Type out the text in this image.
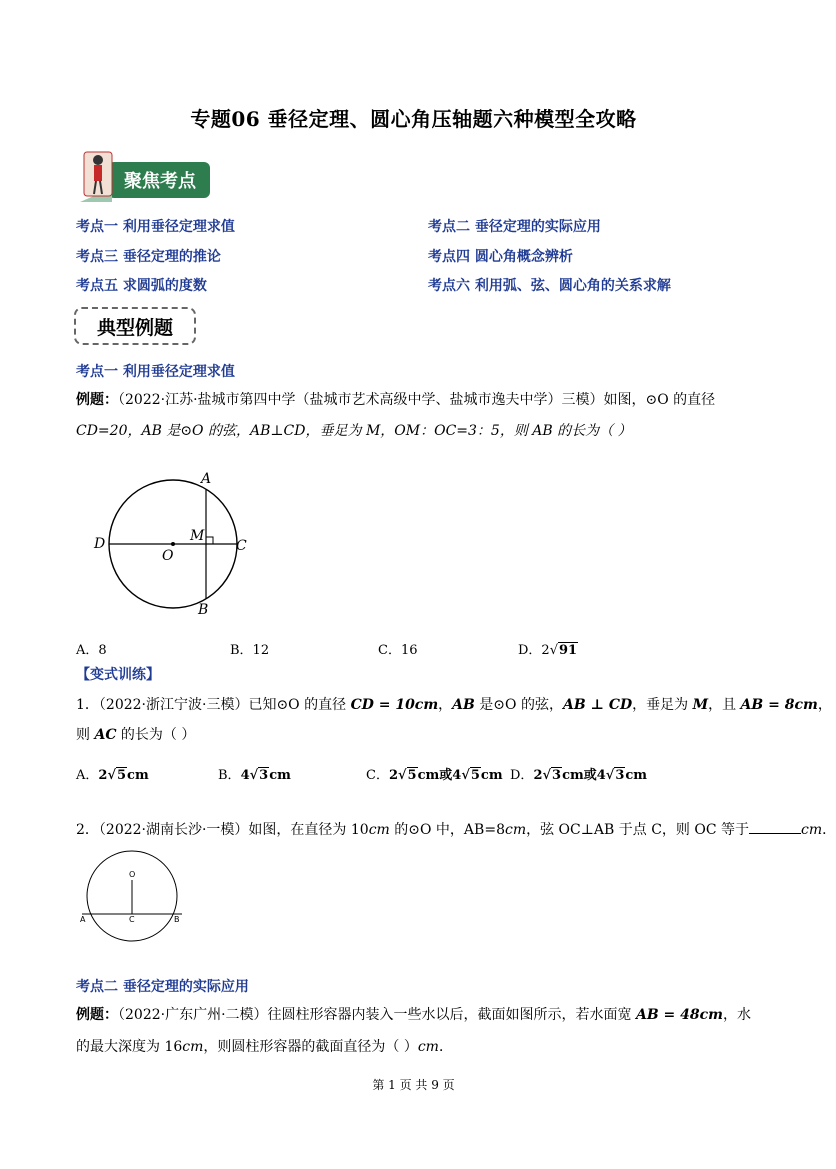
专题06 垂径定理、圆心角压轴题六种模型全攻略
聚焦考点
考点一 利用垂径定理求值	考点二 垂径定理的实际应用
考点三 垂径定理的推论	考点四 圆心角概念辨析
考点五 求圆弧的度数	考点六 利用弧、弦、圆心角的关系求解
典型例题
考点一 利用垂径定理求值
例题：（2022·江苏·盐城市第四中学（盐城市艺术高级中学、盐城市逸夫中学）三模）如图，⊙O 的直径
CD=20，AB 是⊙O 的弦，AB⊥CD，垂足为 M，OM：OC=3：5，则 AB 的长为（ ）
A
B
C
D
O
M
A．8	B．12	C．16	D．2√91
【变式训练】
1．（2022·浙江宁波·三模）已知⊙O 的直径 CD = 10cm，AB 是⊙O 的弦，AB ⊥ CD，垂足为 M，且 AB = 8cm，
则 AC 的长为（ ）
A．2√5cm	B．4√3cm	C．2√5cm或4√5cm D．2√3cm或4√3cm
2．（2022·湖南长沙·一模）如图，在直径为 10cm 的⊙O 中，AB=8cm，弦 OC⊥AB 于点 C，则 OC 等于	cm．
O
A	C	B
考点二 垂径定理的实际应用
例题：（2022·广东广州·二模）往圆柱形容器内装入一些水以后，截面如图所示，若水面宽 AB = 48cm，水
的最大深度为 16cm，则圆柱形容器的截面直径为（ ）cm．
第 1 页 共 9 页
